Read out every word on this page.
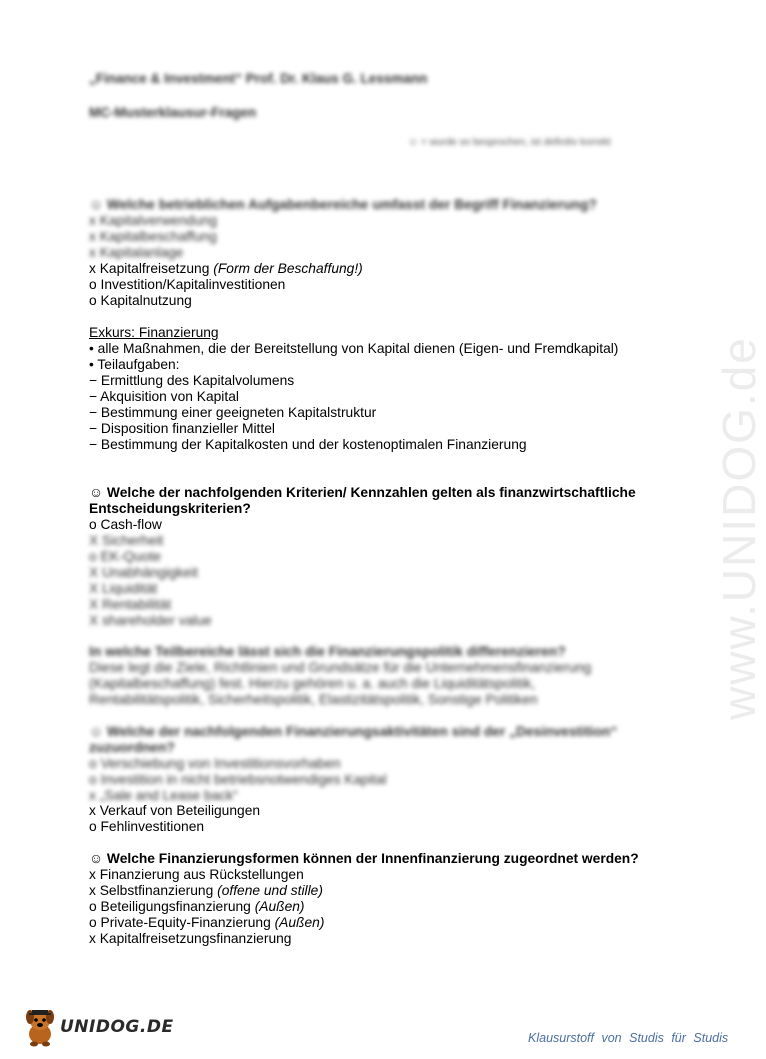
www.UNIDOG.de
„Finance & Investment“ Prof. Dr. Klaus G. Lessmann
MC-Musterklausur-Fragen
☺ = wurde so besprochen, ist definitiv korrekt
☺ Welche betrieblichen Aufgabenbereiche umfasst der Begriff Finanzierung?
x Kapitalverwendung
x Kapitalbeschaffung
x Kapitalanlage
x Kapitalfreisetzung (Form der Beschaffung!)
o Investition/Kapitalinvestitionen
o Kapitalnutzung
Exkurs: Finanzierung
• alle Maßnahmen, die der Bereitstellung von Kapital dienen (Eigen- und Fremdkapital)
• Teilaufgaben:
− Ermittlung des Kapitalvolumens
− Akquisition von Kapital
− Bestimmung einer geeigneten Kapitalstruktur
− Disposition finanzieller Mittel
− Bestimmung der Kapitalkosten und der kostenoptimalen Finanzierung
☺ Welche der nachfolgenden Kriterien/ Kennzahlen gelten als finanzwirtschaftliche
Entscheidungskriterien?
o Cash-flow
X Sicherheit
o EK-Quote
X Unabhängigkeit
X Liquidität
X Rentabilität
X shareholder value
In welche Teilbereiche lässt sich die Finanzierungspolitik differenzieren?
Diese legt die Ziele, Richtlinien und Grundsätze für die Unternehmensfinanzierung
(Kapitalbeschaffung) fest. Hierzu gehören u. a. auch die Liquiditätspolitik,
Rentabilitätspolitik, Sicherheitspolitik, Elastizitätspolitik, Sonstige Politiken
☺ Welche der nachfolgenden Finanzierungsaktivitäten sind der „Desinvestition“
zuzuordnen?
o Verschiebung von Investitionsvorhaben
o Investition in nicht betriebsnotwendiges Kapital
x „Sale and Lease back“
x Verkauf von Beteiligungen
o Fehlinvestitionen
☺ Welche Finanzierungsformen können der Innenfinanzierung zugeordnet werden?
x Finanzierung aus Rückstellungen
x Selbstfinanzierung (offene und stille)
o Beteiligungsfinanzierung (Außen)
o Private-Equity-Finanzierung (Außen)
x Kapitalfreisetzungsfinanzierung
UNIDOG.DE
Klausurstoff von Studis für Studis
